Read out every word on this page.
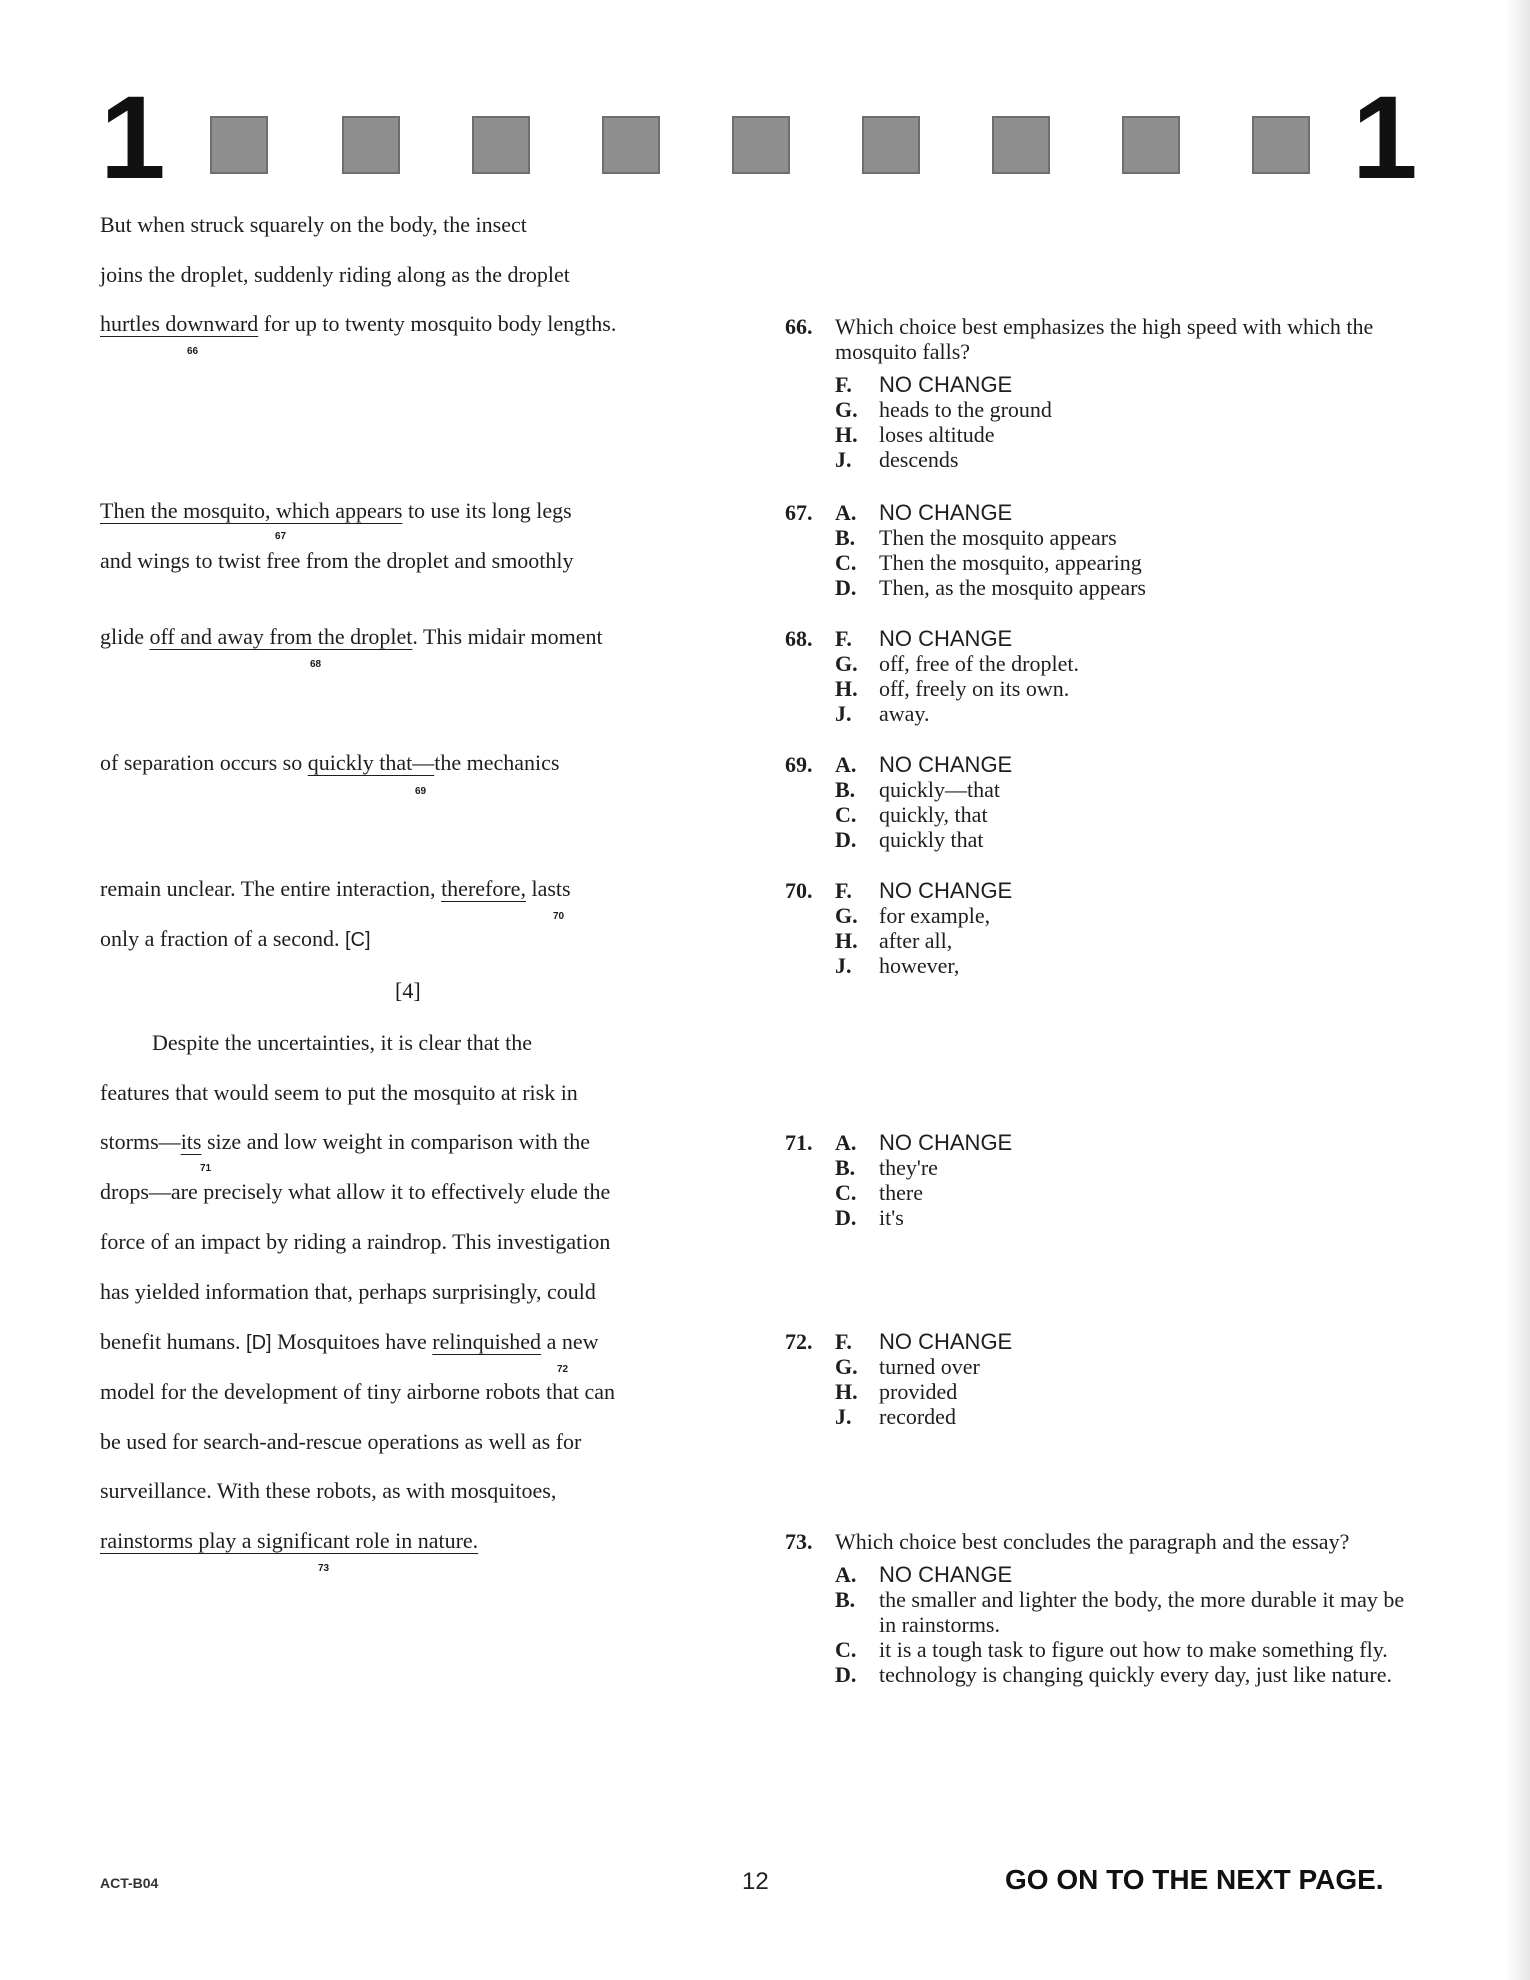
1	1
But when struck squarely on the body, the insect
joins the droplet, suddenly riding along as the droplet
hurtles downward for up to twenty mosquito body lengths.
66
Then the mosquito, which appears to use its long legs
67
and wings to twist free from the droplet and smoothly
glide off and away from the droplet. This midair moment
68
of separation occurs so quickly that—the mechanics
69
remain unclear. The entire interaction, therefore, lasts
70
only a fraction of a second. [C]
[4]
Despite the uncertainties, it is clear that the
features that would seem to put the mosquito at risk in
storms—its size and low weight in comparison with the
71
drops—are precisely what allow it to effectively elude the
force of an impact by riding a raindrop. This investigation
has yielded information that, perhaps surprisingly, could
benefit humans. [D] Mosquitoes have relinquished a new
72
model for the development of tiny airborne robots that can
be used for search-and-rescue operations as well as for
surveillance. With these robots, as with mosquitoes,
rainstorms play a significant role in nature.
73
66.	Which choice best emphasizes the high speed with which the mosquito falls?
F.	NO CHANGE
G. heads to the ground
H. loses altitude
J.	descends
67.	A.	NO CHANGE
B.	Then the mosquito appears
C.	Then the mosquito, appearing
D.	Then, as the mosquito appears
68.	F.	NO CHANGE
G. off, free of the droplet.
H. off, freely on its own.
J.	away.
69.	A.	NO CHANGE
B.	quickly—that
C.	quickly, that
D.	quickly that
70.	F.	NO CHANGE
G. for example,
H. after all,
J.	however,
71.	A.	NO CHANGE
B.	they're
C.	there
D.	it's
72.	F.	NO CHANGE
G. turned over
H. provided
J.	recorded
73.	Which choice best concludes the paragraph and the essay?
A.	NO CHANGE
B.	the smaller and lighter the body, the more durable it may be in rainstorms.
C.	it is a tough task to figure out how to make something fly.
D.	technology is changing quickly every day, just like nature.
ACT-B04	12	GO ON TO THE NEXT PAGE.
